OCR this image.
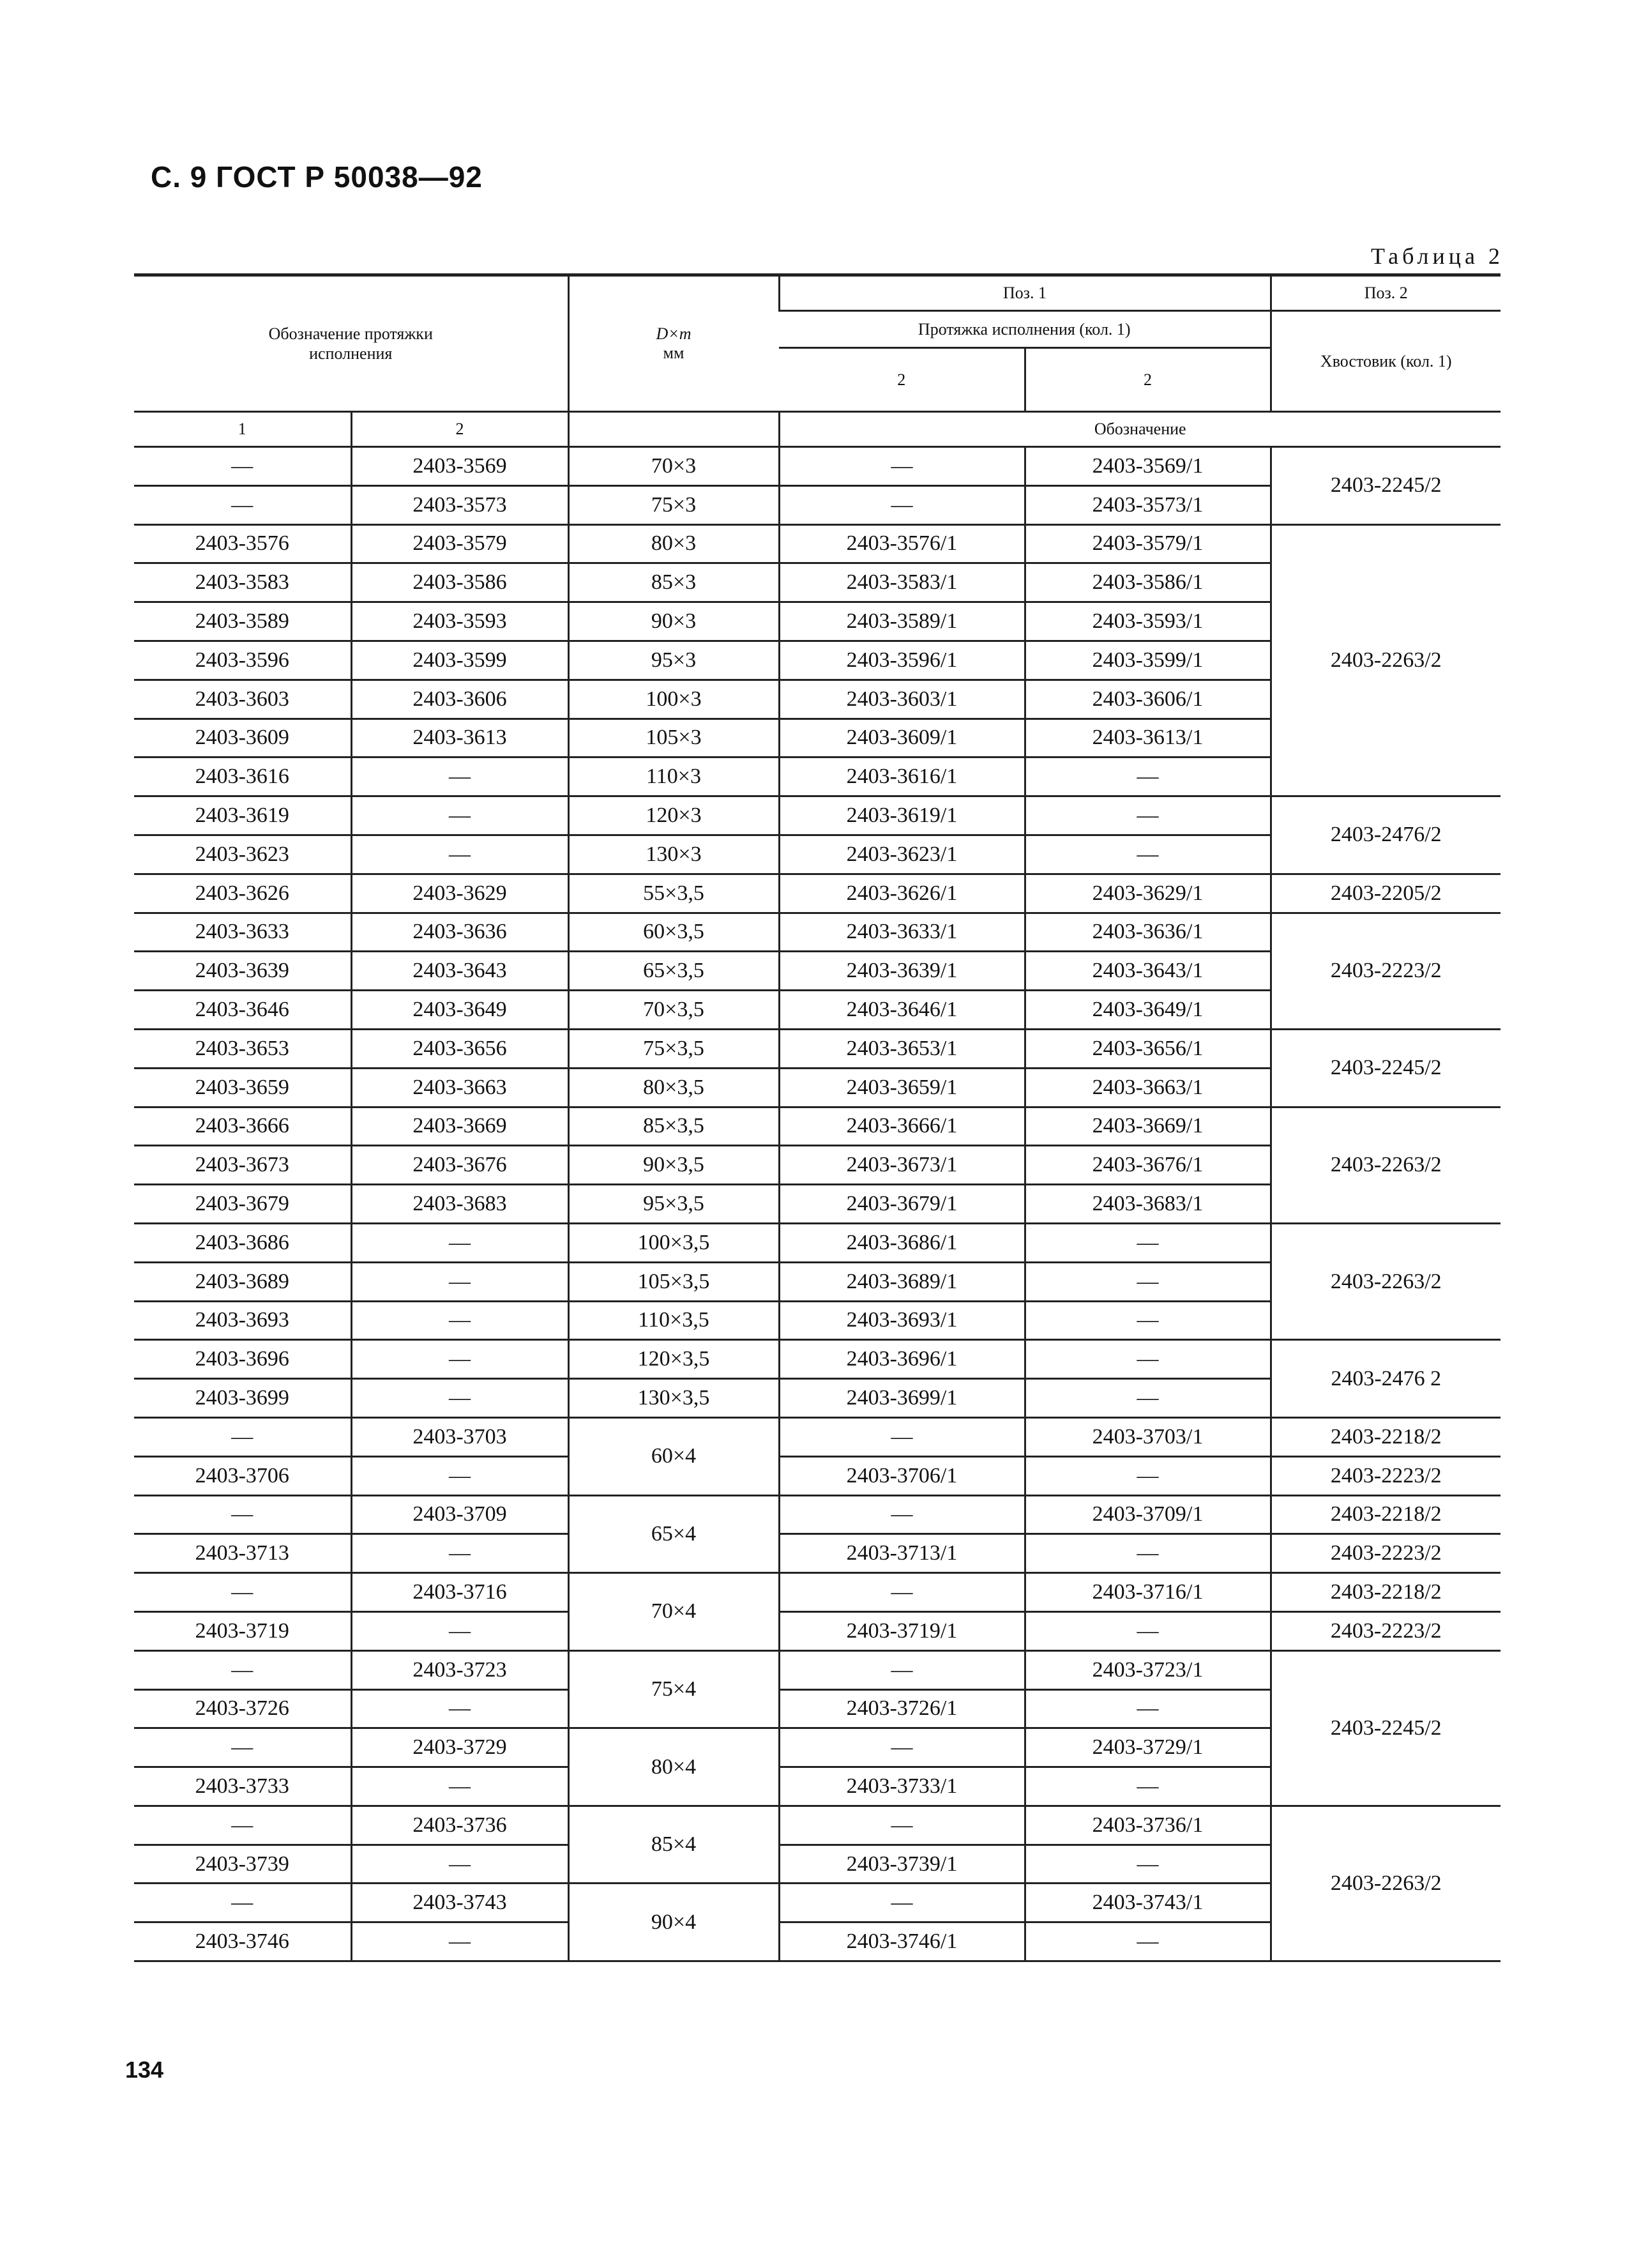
С. 9 ГОСТ Р 50038—92
Таблица 2
Обозначение протяжки исполнения		D×m
мм	Поз. 1		Поз. 2
			Протяжка исполнения (кол. 1)		Хвостовик (кол. 1)

			2	2	
1	2		Обозначение		
—	2403-3569	70×3	—	2403-3569/1	2403-2245/2
—	2403-3573	75×3	—	2403-3573/1	
2403-3576	2403-3579	80×3	2403-3576/1	2403-3579/1	2403-2263/2
2403-3583	2403-3586	85×3	2403-3583/1	2403-3586/1	
2403-3589	2403-3593	90×3	2403-3589/1	2403-3593/1	
2403-3596	2403-3599	95×3	2403-3596/1	2403-3599/1	
2403-3603	2403-3606	100×3	2403-3603/1	2403-3606/1	
2403-3609	2403-3613	105×3	2403-3609/1	2403-3613/1	
2403-3616	—	110×3	2403-3616/1	—	
2403-3619	—	120×3	2403-3619/1	—	2403-2476/2
2403-3623	—	130×3	2403-3623/1	—	
2403-3626	2403-3629	55×3,5	2403-3626/1	2403-3629/1	2403-2205/2
2403-3633	2403-3636	60×3,5	2403-3633/1	2403-3636/1	2403-2223/2
2403-3639	2403-3643	65×3,5	2403-3639/1	2403-3643/1	
2403-3646	2403-3649	70×3,5	2403-3646/1	2403-3649/1	
2403-3653	2403-3656	75×3,5	2403-3653/1	2403-3656/1	2403-2245/2
2403-3659	2403-3663	80×3,5	2403-3659/1	2403-3663/1	
2403-3666	2403-3669	85×3,5	2403-3666/1	2403-3669/1	2403-2263/2
2403-3673	2403-3676	90×3,5	2403-3673/1	2403-3676/1	
2403-3679	2403-3683	95×3,5	2403-3679/1	2403-3683/1	
2403-3686	—	100×3,5	2403-3686/1	—	2403-2263/2
2403-3689	—	105×3,5	2403-3689/1	—	
2403-3693	—	110×3,5	2403-3693/1	—	
2403-3696	—	120×3,5	2403-3696/1	—	2403-2476 2
2403-3699	—	130×3,5	2403-3699/1	—	
—	2403-3703	60×4	—	2403-3703/1	2403-2218/2
2403-3706	—		2403-3706/1	—	2403-2223/2
—	2403-3709	65×4	—	2403-3709/1	2403-2218/2
2403-3713	—		2403-3713/1	—	2403-2223/2
—	2403-3716	70×4	—	2403-3716/1	2403-2218/2
2403-3719	—		2403-3719/1	—	2403-2223/2
—	2403-3723	75×4	—	2403-3723/1	2403-2245/2
2403-3726	—		2403-3726/1	—	
—	2403-3729	80×4	—	2403-3729/1	
2403-3733	—		2403-3733/1	—	
—	2403-3736	85×4	—	2403-3736/1	2403-2263/2
2403-3739	—		2403-3739/1	—	
—	2403-3743	90×4	—	2403-3743/1	
2403-3746	—		2403-3746/1	—	
134
